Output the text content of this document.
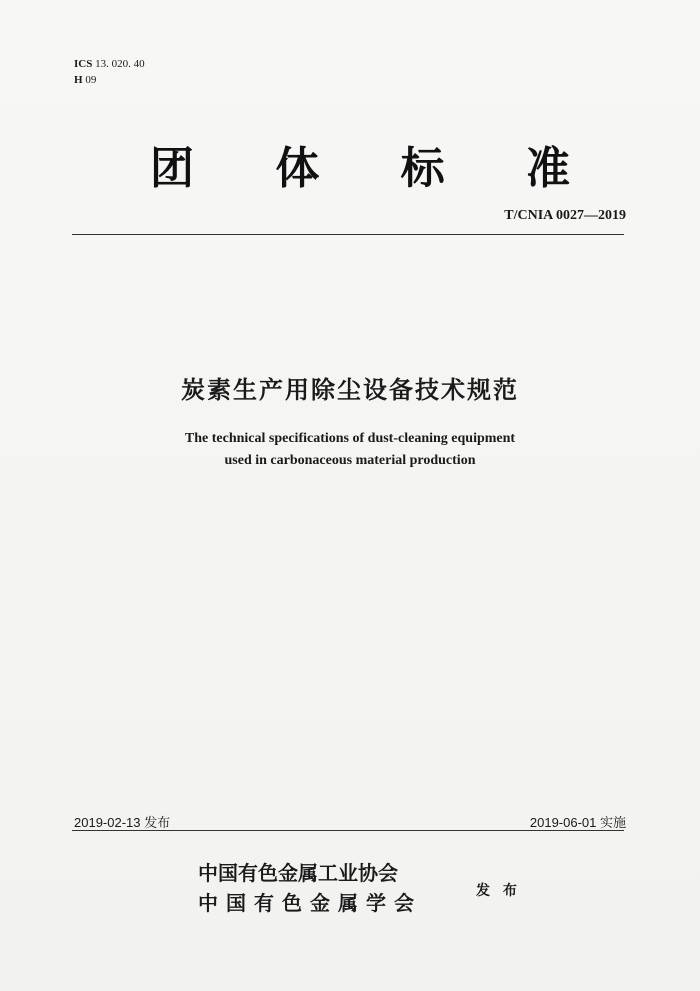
ICS 13. 020. 40
H 09
团 体 标 准
T/CNIA 0027—2019
炭素生产用除尘设备技术规范
The technical specifications of dust-cleaning equipment
used in carbonaceous material production
2019-02-13 发布	2019-06-01 实施
中国有色金属工业协会
中国有色金属学会	发 布
